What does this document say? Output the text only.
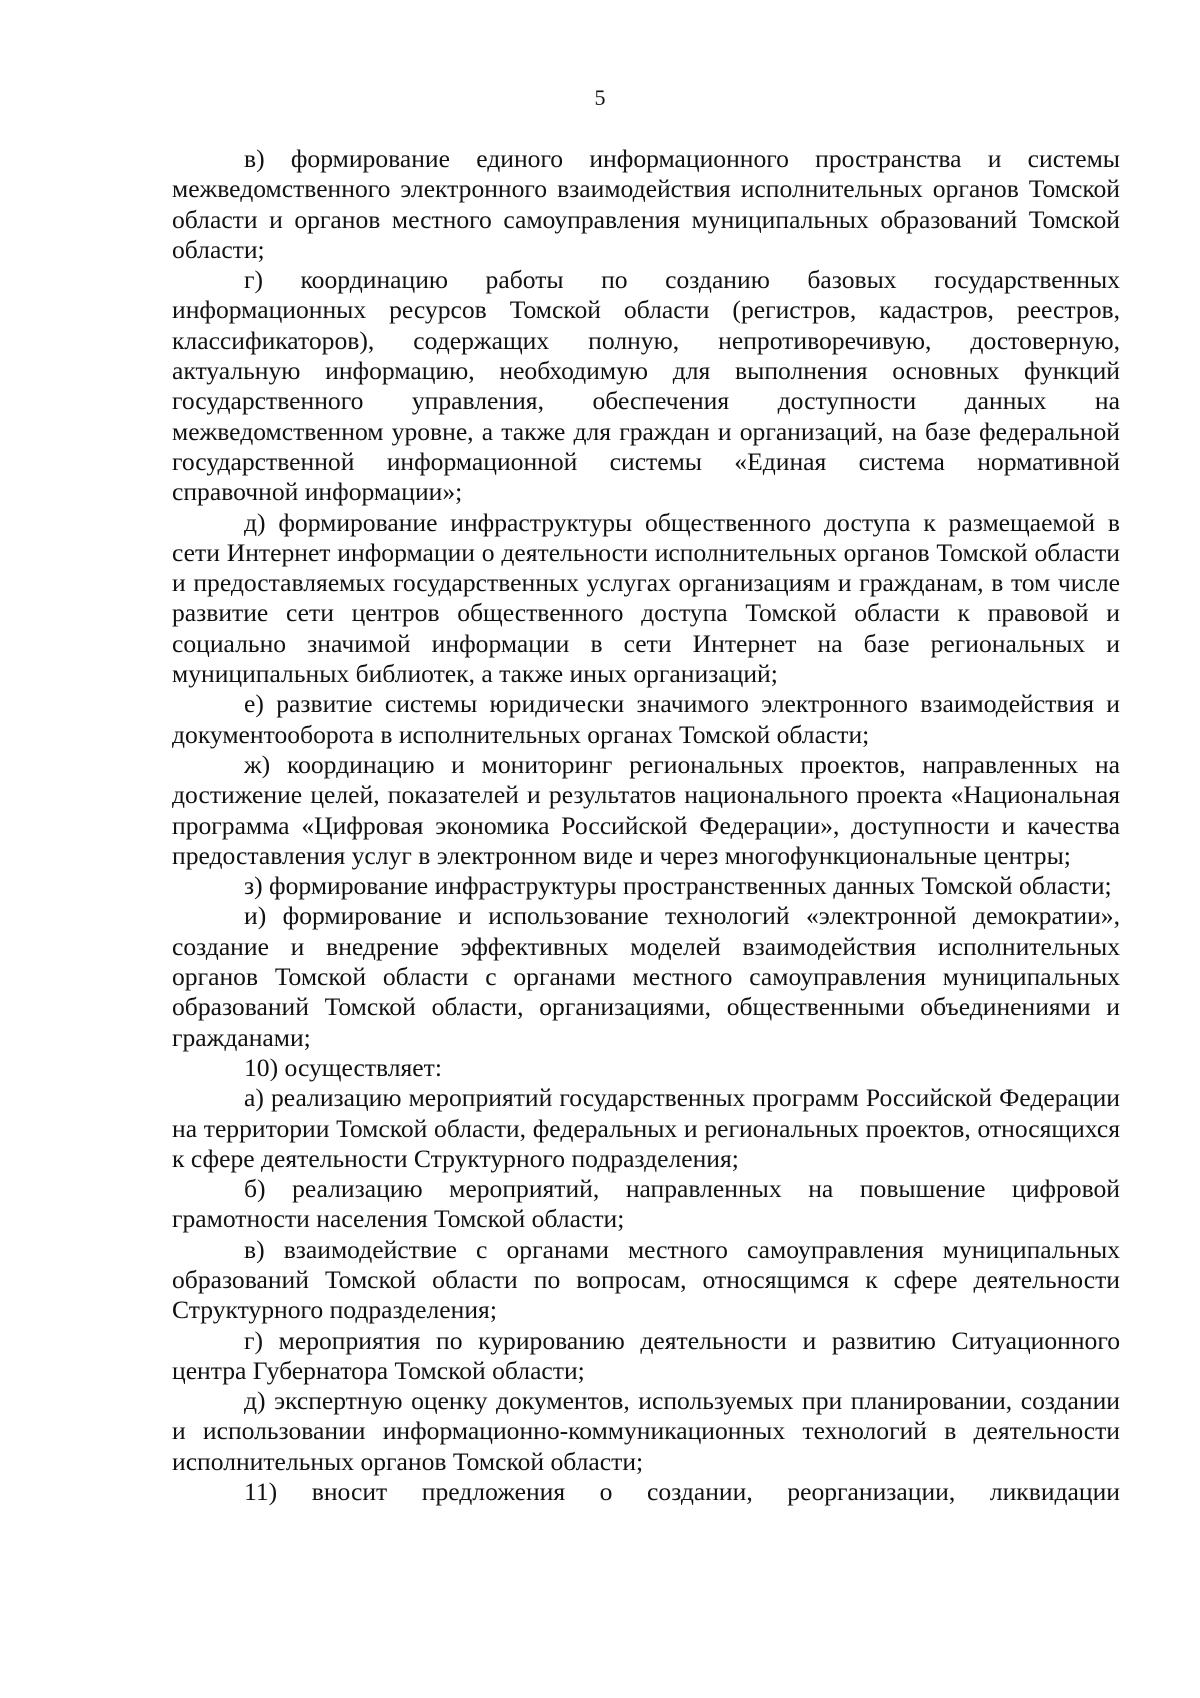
5

в) формирование единого информационного пространства и системы межведомственного электронного взаимодействия исполнительных органов Томской области и органов местного самоуправления муниципальных образований Томской области;

г) координацию работы по созданию базовых государственных информационных ресурсов Томской области (регистров, кадастров, реестров, классификаторов), содержащих полную, непротиворечивую, достоверную, актуальную информацию, необходимую для выполнения основных функций государственного управления, обеспечения доступности данных на межведомственном уровне, а также для граждан и организаций, на базе федеральной государственной информационной системы «Единая система нормативной справочной информации»;

д) формирование инфраструктуры общественного доступа к размещаемой в сети Интернет информации о деятельности исполнительных органов Томской области и предоставляемых государственных услугах организациям и гражданам, в том числе развитие сети центров общественного доступа Томской области к правовой и социально значимой информации в сети Интернет на базе региональных и муниципальных библиотек, а также иных организаций;

е) развитие системы юридически значимого электронного взаимодействия и документооборота в исполнительных органах Томской области;

ж) координацию и мониторинг региональных проектов, направленных на достижение целей, показателей и результатов национального проекта «Национальная программа «Цифровая экономика Российской Федерации», доступности и качества предоставления услуг в электронном виде и через многофункциональные центры;

з) формирование инфраструктуры пространственных данных Томской области;

и) формирование и использование технологий «электронной демократии», создание и внедрение эффективных моделей взаимодействия исполнительных органов Томской области с органами местного самоуправления муниципальных образований Томской области, организациями, общественными объединениями и гражданами;

10) осуществляет:

а) реализацию мероприятий государственных программ Российской Федерации на территории Томской области, федеральных и региональных проектов, относящихся к сфере деятельности Структурного подразделения;

б) реализацию мероприятий, направленных на повышение цифровой грамотности населения Томской области;

в) взаимодействие с органами местного самоуправления муниципальных образований Томской области по вопросам, относящимся к сфере деятельности Структурного подразделения;

г) мероприятия по курированию деятельности и развитию Ситуационного центра Губернатора Томской области;

д) экспертную оценку документов, используемых при планировании, создании и использовании информационно-коммуникационных технологий в деятельности исполнительных органов Томской области;

11) вносит предложения о создании, реорганизации, ликвидации
